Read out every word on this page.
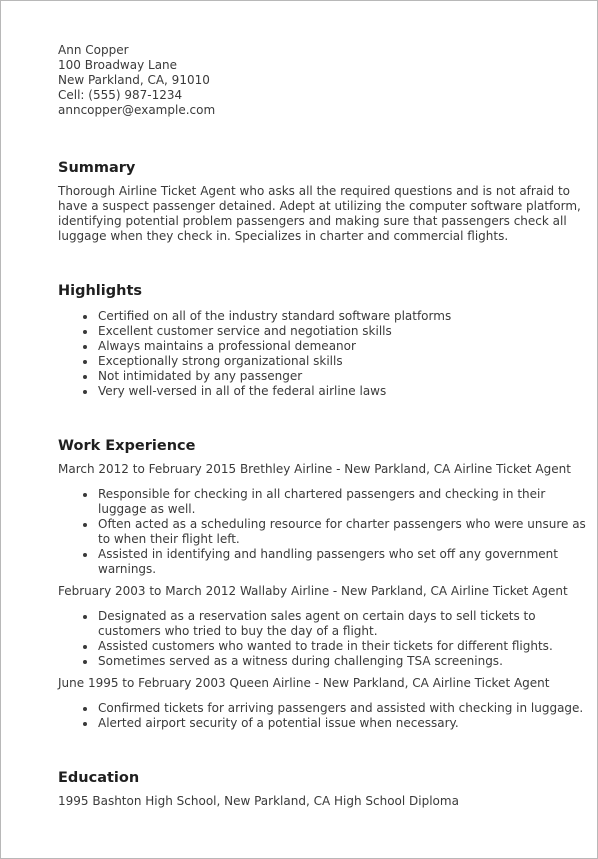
Ann Copper
100 Broadway Lane
New Parkland, CA, 91010
Cell: (555) 987-1234
anncopper@example.com
Summary

Thorough Airline Ticket Agent who asks all the required questions and is not afraid to have a suspect passenger detained. Adept at utilizing the computer software platform, identifying potential problem passengers and making sure that passengers check all luggage when they check in. Specializes in charter and commercial flights.

Highlights
Certified on all of the industry standard software platforms
Excellent customer service and negotiation skills
Always maintains a professional demeanor
Exceptionally strong organizational skills
Not intimidated by any passenger
Very well-versed in all of the federal airline laws
Work Experience

March 2012 to February 2015 Brethley Airline - New Parkland, CA Airline Ticket Agent

Responsible for checking in all chartered passengers and checking in their luggage as well.
Often acted as a scheduling resource for charter passengers who were unsure as to when their flight left.
Assisted in identifying and handling passengers who set off any government warnings.

February 2003 to March 2012 Wallaby Airline - New Parkland, CA Airline Ticket Agent

Designated as a reservation sales agent on certain days to sell tickets to customers who tried to buy the day of a flight.
Assisted customers who wanted to trade in their tickets for different flights.
Sometimes served as a witness during challenging TSA screenings.

June 1995 to February 2003 Queen Airline - New Parkland, CA Airline Ticket Agent

Confirmed tickets for arriving passengers and assisted with checking in luggage.
Alerted airport security of a potential issue when necessary.
Education

1995 Bashton High School, New Parkland, CA High School Diploma
